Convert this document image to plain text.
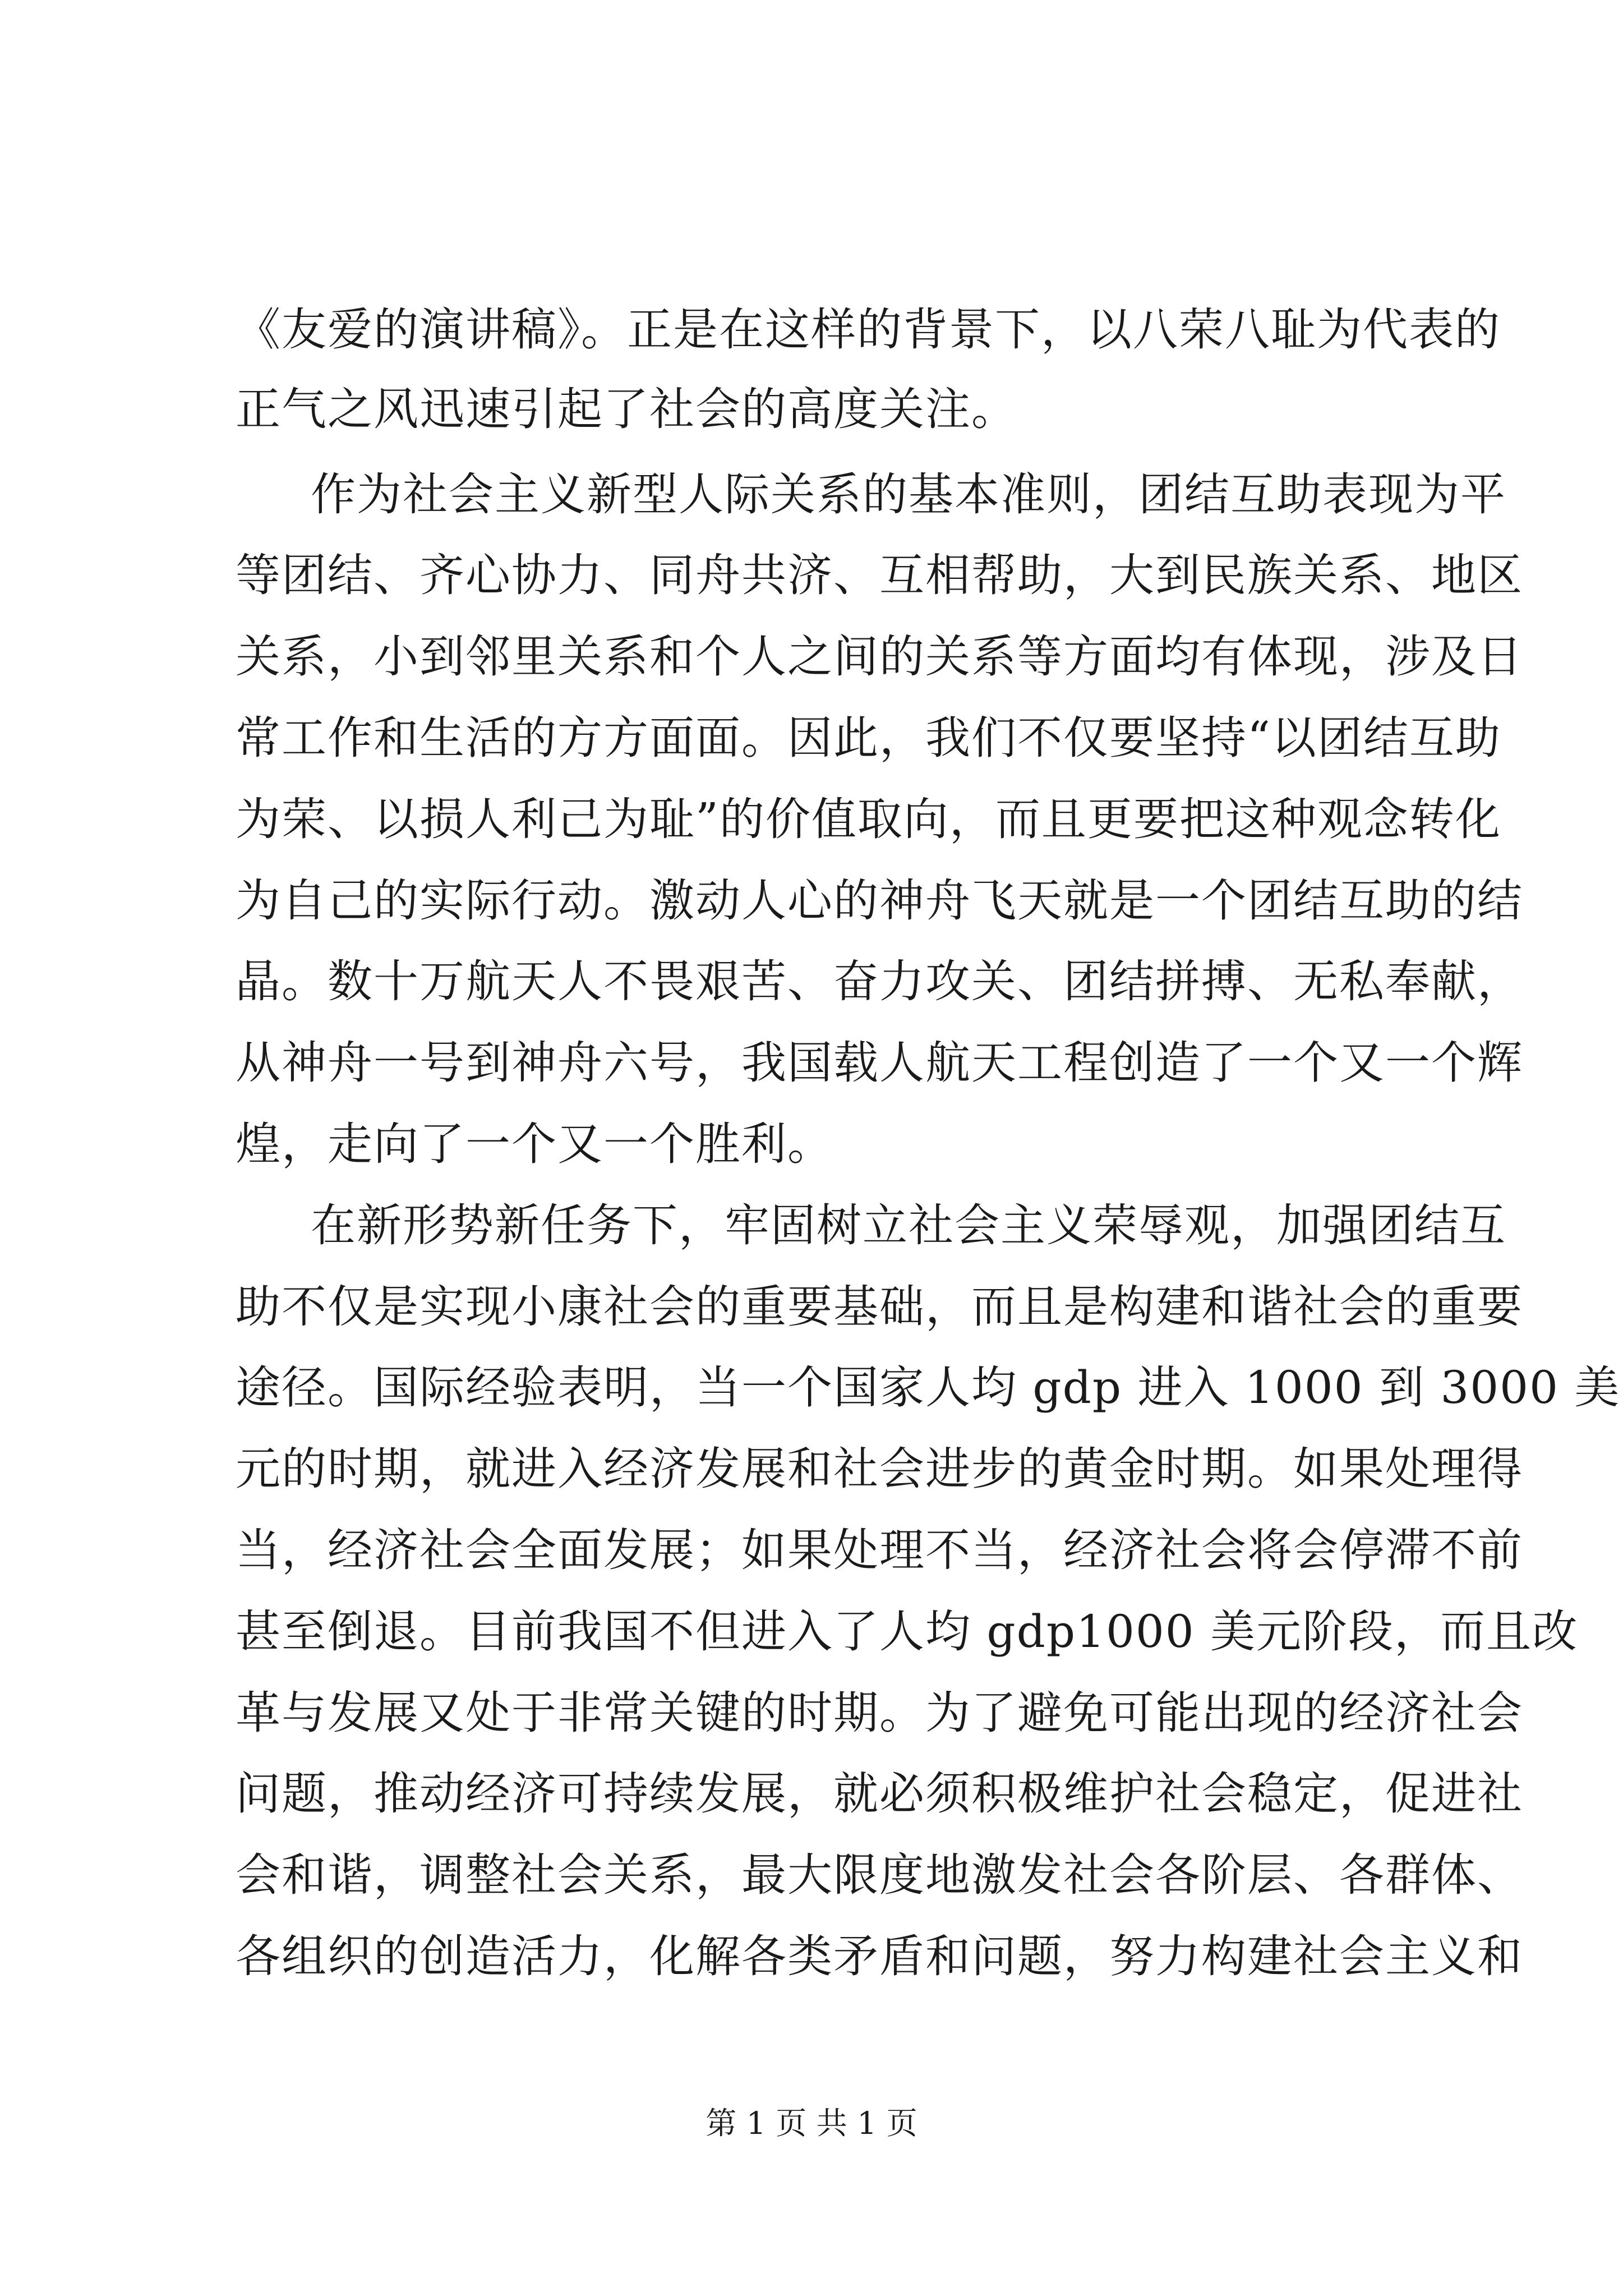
《友爱的演讲稿》。正是在这样的背景下，以八荣八耻为代表的
正气之风迅速引起了社会的高度关注。
作为社会主义新型人际关系的基本准则，团结互助表现为平
等团结、齐心协力、同舟共济、互相帮助，大到民族关系、地区
关系，小到邻里关系和个人之间的关系等方面均有体现，涉及日
常工作和生活的方方面面。因此，我们不仅要坚持“以团结互助
为荣、以损人利己为耻”的价值取向，而且更要把这种观念转化
为自己的实际行动。激动人心的神舟飞天就是一个团结互助的结
晶。数十万航天人不畏艰苦、奋力攻关、团结拼搏、无私奉献，
从神舟一号到神舟六号，我国载人航天工程创造了一个又一个辉
煌，走向了一个又一个胜利。
在新形势新任务下，牢固树立社会主义荣辱观，加强团结互
助不仅是实现小康社会的重要基础，而且是构建和谐社会的重要
途径。国际经验表明，当一个国家人均 gdp 进入 1000 到 3000 美
元的时期，就进入经济发展和社会进步的黄金时期。如果处理得
当，经济社会全面发展；如果处理不当，经济社会将会停滞不前
甚至倒退。目前我国不但进入了人均 gdp1000 美元阶段，而且改
革与发展又处于非常关键的时期。为了避免可能出现的经济社会
问题，推动经济可持续发展，就必须积极维护社会稳定，促进社
会和谐，调整社会关系，最大限度地激发社会各阶层、各群体、
各组织的创造活力，化解各类矛盾和问题，努力构建社会主义和
第 1 页 共 1 页
